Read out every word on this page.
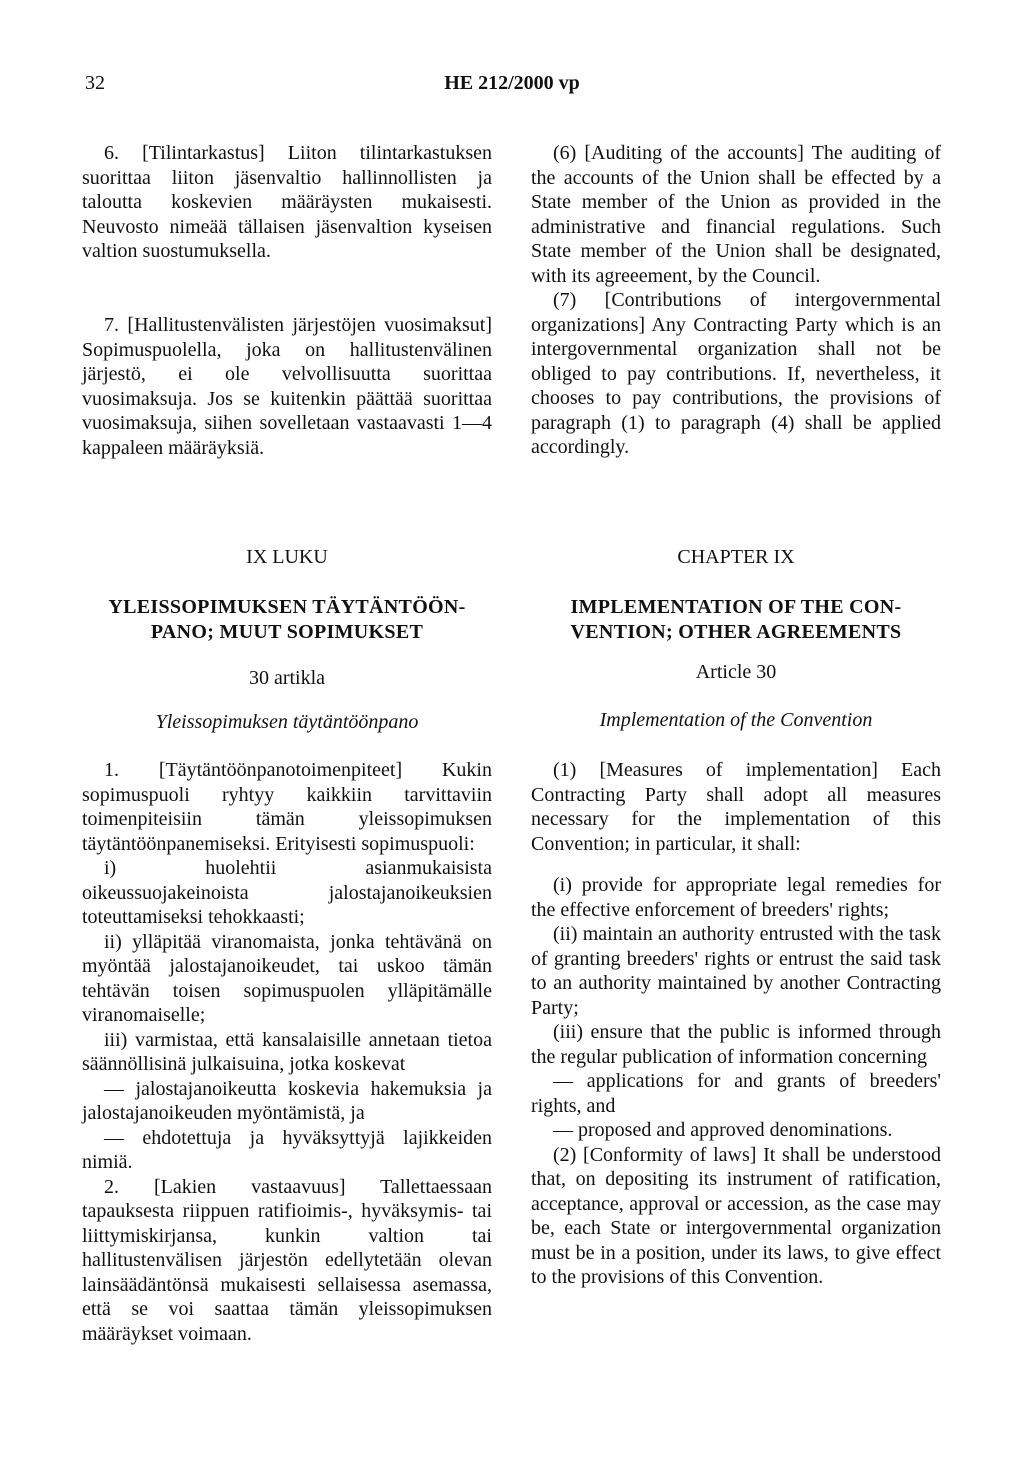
32	HE 212/2000 vp

6. [Tilintarkastus] Liiton tilintarkastuksen suorittaa liiton jäsenvaltio hallinnollisten ja taloutta koskevien määräysten mukaisesti. Neuvosto nimeää tällaisen jäsenvaltion kyseisen valtion suostumuksella.

7. [Hallitustenvälisten järjestöjen vuosimaksut] Sopimuspuolella, joka on hallitustenvälinen järjestö, ei ole velvollisuutta suorittaa vuosimaksuja. Jos se kuitenkin päättää suorittaa vuosimaksuja, siihen sovelletaan vastaavasti 1—4 kappaleen määräyksiä.

IX LUKU
YLEISSOPIMUKSEN TÄYTÄNTÖÖN-
PANO; MUUT SOPIMUKSET
30 artikla
Yleissopimuksen täytäntöönpano

1. [Täytäntöönpanotoimenpiteet] Kukin sopimuspuoli ryhtyy kaikkiin tarvittaviin toimenpiteisiin tämän yleissopimuksen täytäntöönpanemiseksi. Erityisesti sopimuspuoli:

i) huolehtii asianmukaisista oikeussuojakeinoista jalostajanoikeuksien toteuttamiseksi tehokkaasti;

ii) ylläpitää viranomaista, jonka tehtävänä on myöntää jalostajanoikeudet, tai uskoo tämän tehtävän toisen sopimuspuolen ylläpitämälle viranomaiselle;

iii) varmistaa, että kansalaisille annetaan tietoa säännöllisinä julkaisuina, jotka koskevat

— jalostajanoikeutta koskevia hakemuksia ja jalostajanoikeuden myöntämistä, ja

— ehdotettuja ja hyväksyttyjä lajikkeiden nimiä.

2. [Lakien vastaavuus] Tallettaessaan tapauksesta riippuen ratifioimis-, hyväksymis- tai liittymiskirjansa, kunkin valtion tai hallitustenvälisen järjestön edellytetään olevan lainsäädäntönsä mukaisesti sellaisessa asemassa, että se voi saattaa tämän yleissopimuksen määräykset voimaan.

(6) [Auditing of the accounts] The auditing of the accounts of the Union shall be effected by a State member of the Union as provided in the administrative and financial regulations. Such State member of the Union shall be designated, with its agreeement, by the Council.

(7) [Contributions of intergovernmental organizations] Any Contracting Party which is an intergovernmental organization shall not be obliged to pay contributions. If, nevertheless, it chooses to pay contributions, the provisions of paragraph (1) to paragraph (4) shall be applied accordingly.

CHAPTER IX
IMPLEMENTATION OF THE CON-
VENTION; OTHER AGREEMENTS
Article 30
Implementation of the Convention

(1) [Measures of implementation] Each Contracting Party shall adopt all measures necessary for the implementation of this Convention; in particular, it shall:

(i) provide for appropriate legal remedies for the effective enforcement of breeders' rights;

(ii) maintain an authority entrusted with the task of granting breeders' rights or entrust the said task to an authority maintained by another Contracting Party;

(iii) ensure that the public is informed through the regular publication of information concerning

— applications for and grants of breeders' rights, and

— proposed and approved denominations.

(2) [Conformity of laws] It shall be understood that, on depositing its instrument of ratification, acceptance, approval or accession, as the case may be, each State or intergovernmental organization must be in a position, under its laws, to give effect to the provisions of this Convention.
